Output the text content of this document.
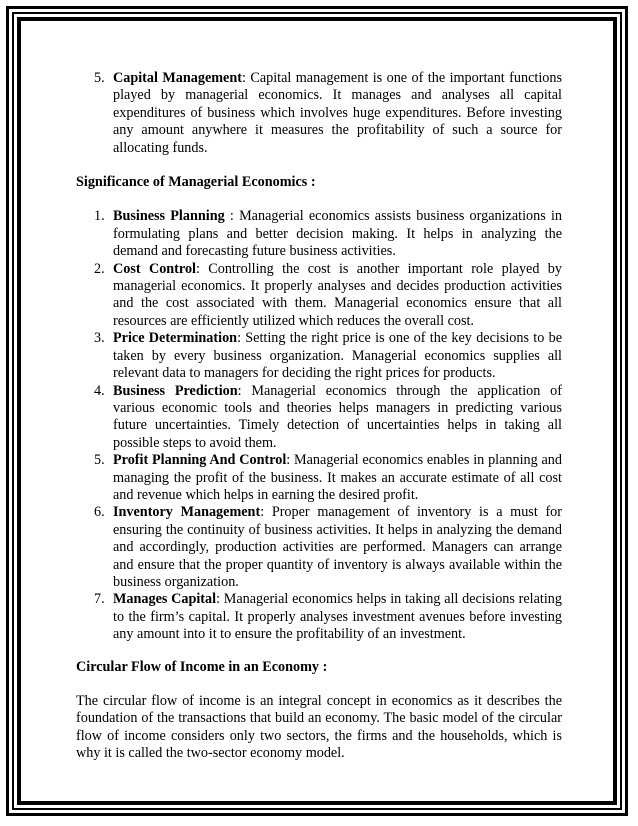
5. Capital Management: Capital management is one of the important functions played by managerial economics. It manages and analyses all capital expenditures of business which involves huge expenditures. Before investing any amount anywhere it measures the profitability of such a source for allocating funds.

Significance of Managerial Economics :

1. Business Planning : Managerial economics assists business organizations in formulating plans and better decision making. It helps in analyzing the demand and forecasting future business activities.
2. Cost Control: Controlling the cost is another important role played by managerial economics. It properly analyses and decides production activities and the cost associated with them. Managerial economics ensure that all resources are efficiently utilized which reduces the overall cost.
3. Price Determination: Setting the right price is one of the key decisions to be taken by every business organization. Managerial economics supplies all relevant data to managers for deciding the right prices for products.
4. Business Prediction: Managerial economics through the application of various economic tools and theories helps managers in predicting various future uncertainties. Timely detection of uncertainties helps in taking all possible steps to avoid them.
5. Profit Planning And Control: Managerial economics enables in planning and managing the profit of the business. It makes an accurate estimate of all cost and revenue which helps in earning the desired profit.
6. Inventory Management: Proper management of inventory is a must for ensuring the continuity of business activities. It helps in analyzing the demand and accordingly, production activities are performed. Managers can arrange and ensure that the proper quantity of inventory is always available within the business organization.
7. Manages Capital: Managerial economics helps in taking all decisions relating to the firm’s capital. It properly analyses investment avenues before investing any amount into it to ensure the profitability of an investment.

Circular Flow of Income in an Economy :

The circular flow of income is an integral concept in economics as it describes the foundation of the transactions that build an economy. The basic model of the circular flow of income considers only two sectors, the firms and the households, which is why it is called the two-sector economy model.
